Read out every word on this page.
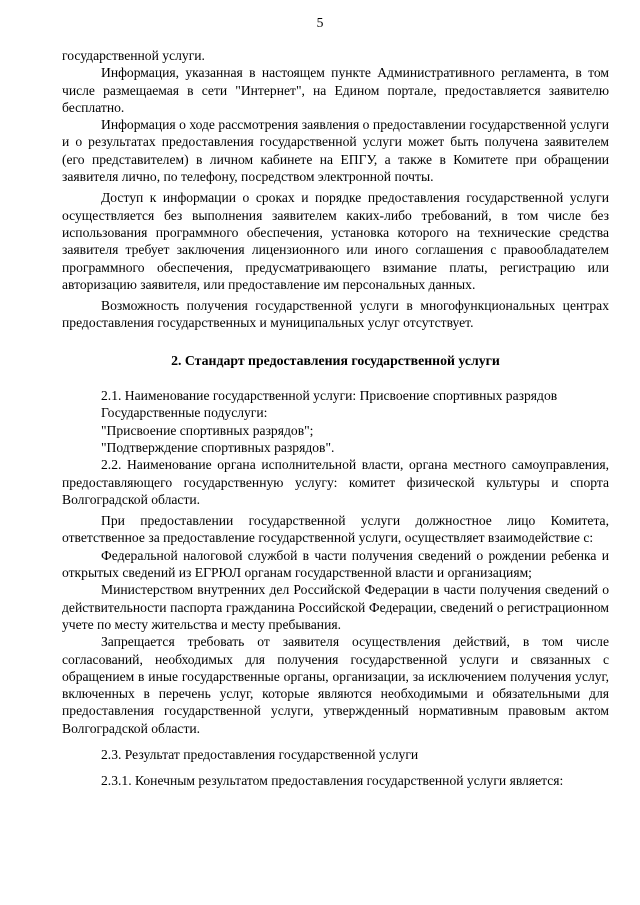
5

государственной услуги.

Информация, указанная в настоящем пункте Административного регламента, в том числе размещаемая в сети "Интернет", на Едином портале, предоставляется заявителю бесплатно.

Информация о ходе рассмотрения заявления о предоставлении государственной услуги и о результатах предоставления государственной услуги может быть получена заявителем (его представителем) в личном кабинете на ЕПГУ, а также в Комитете при обращении заявителя лично, по телефону, посредством электронной почты.

Доступ к информации о сроках и порядке предоставления государственной услуги осуществляется без выполнения заявителем каких-либо требований, в том числе без использования программного обеспечения, установка которого на технические средства заявителя требует заключения лицензионного или иного соглашения с правообладателем программного обеспечения, предусматривающего взимание платы, регистрацию или авторизацию заявителя, или предоставление им персональных данных.

Возможность получения государственной услуги в многофункциональных центрах предоставления государственных и муниципальных услуг отсутствует.

2. Стандарт предоставления государственной услуги

2.1. Наименование государственной услуги: Присвоение спортивных разрядов

Государственные подуслуги:

"Присвоение спортивных разрядов";

"Подтверждение спортивных разрядов".

2.2. Наименование органа исполнительной власти, органа местного самоуправления, предоставляющего государственную услугу: комитет физической культуры и спорта Волгоградской области.

При предоставлении государственной услуги должностное лицо Комитета, ответственное за предоставление государственной услуги, осуществляет взаимодействие с:

Федеральной налоговой службой в части получения сведений о рождении ребенка и открытых сведений из ЕГРЮЛ органам государственной власти и организациям;

Министерством внутренних дел Российской Федерации в части получения сведений о действительности паспорта гражданина Российской Федерации, сведений о регистрационном учете по месту жительства и месту пребывания.

Запрещается требовать от заявителя осуществления действий, в том числе согласований, необходимых для получения государственной услуги и связанных с обращением в иные государственные органы, организации, за исключением получения услуг, включенных в перечень услуг, которые являются необходимыми и обязательными для предоставления государственной услуги, утвержденный нормативным правовым актом Волгоградской области.

2.3. Результат предоставления государственной услуги

2.3.1. Конечным результатом предоставления государственной услуги является:
